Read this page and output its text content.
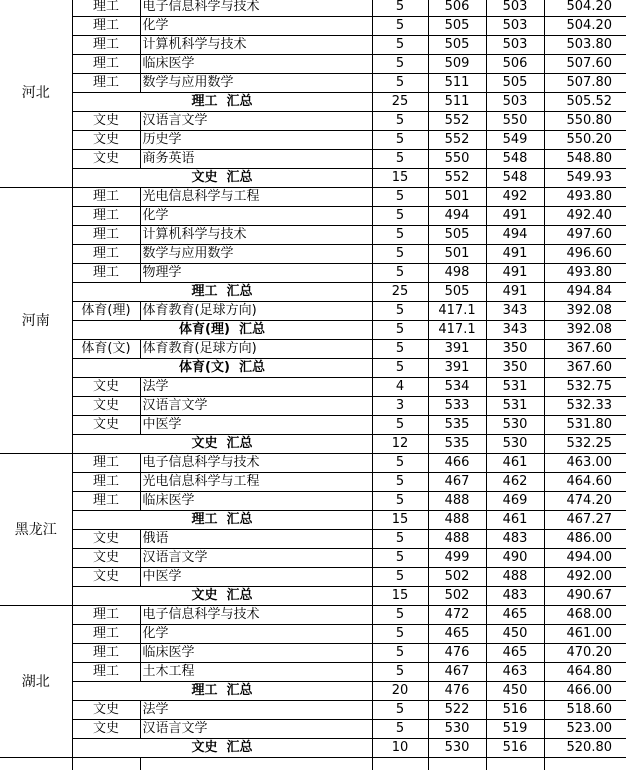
河北	理工	电子信息科学与技术	5	506	503	504.20
	理工	化学	5	505	503	504.20
	理工	计算机科学与技术	5	505	503	503.80
	理工	临床医学	5	509	506	507.60
	理工	数学与应用数学	5	511	505	507.80
	理工  汇总		25	511	503	505.52
	文史	汉语言文学	5	552	550	550.80
	文史	历史学	5	552	549	550.20
	文史	商务英语	5	550	548	548.80
	文史  汇总		15	552	548	549.93
河南	理工	光电信息科学与工程	5	501	492	493.80
	理工	化学	5	494	491	492.40
	理工	计算机科学与技术	5	505	494	497.60
	理工	数学与应用数学	5	501	491	496.60
	理工	物理学	5	498	491	493.80
	理工  汇总		25	505	491	494.84
	体育(理)	体育教育(足球方向)	5	417.1	343	392.08
	体育(理)  汇总		5	417.1	343	392.08
	体育(文)	体育教育(足球方向)	5	391	350	367.60
	体育(文)  汇总		5	391	350	367.60
	文史	法学	4	534	531	532.75
	文史	汉语言文学	3	533	531	532.33
	文史	中医学	5	535	530	531.80
	文史  汇总		12	535	530	532.25
黑龙江	理工	电子信息科学与技术	5	466	461	463.00
	理工	光电信息科学与工程	5	467	462	464.60
	理工	临床医学	5	488	469	474.20
	理工  汇总		15	488	461	467.27
	文史	俄语	5	488	483	486.00
	文史	汉语言文学	5	499	490	494.00
	文史	中医学	5	502	488	492.00
	文史  汇总		15	502	483	490.67
湖北	理工	电子信息科学与技术	5	472	465	468.00
	理工	化学	5	465	450	461.00
	理工	临床医学	5	476	465	470.20
	理工	土木工程	5	467	463	464.80
	理工  汇总		20	476	450	466.00
	文史	法学	5	522	516	518.60
	文史	汉语言文学	5	530	519	523.00
	文史  汇总		10	530	516	520.80
